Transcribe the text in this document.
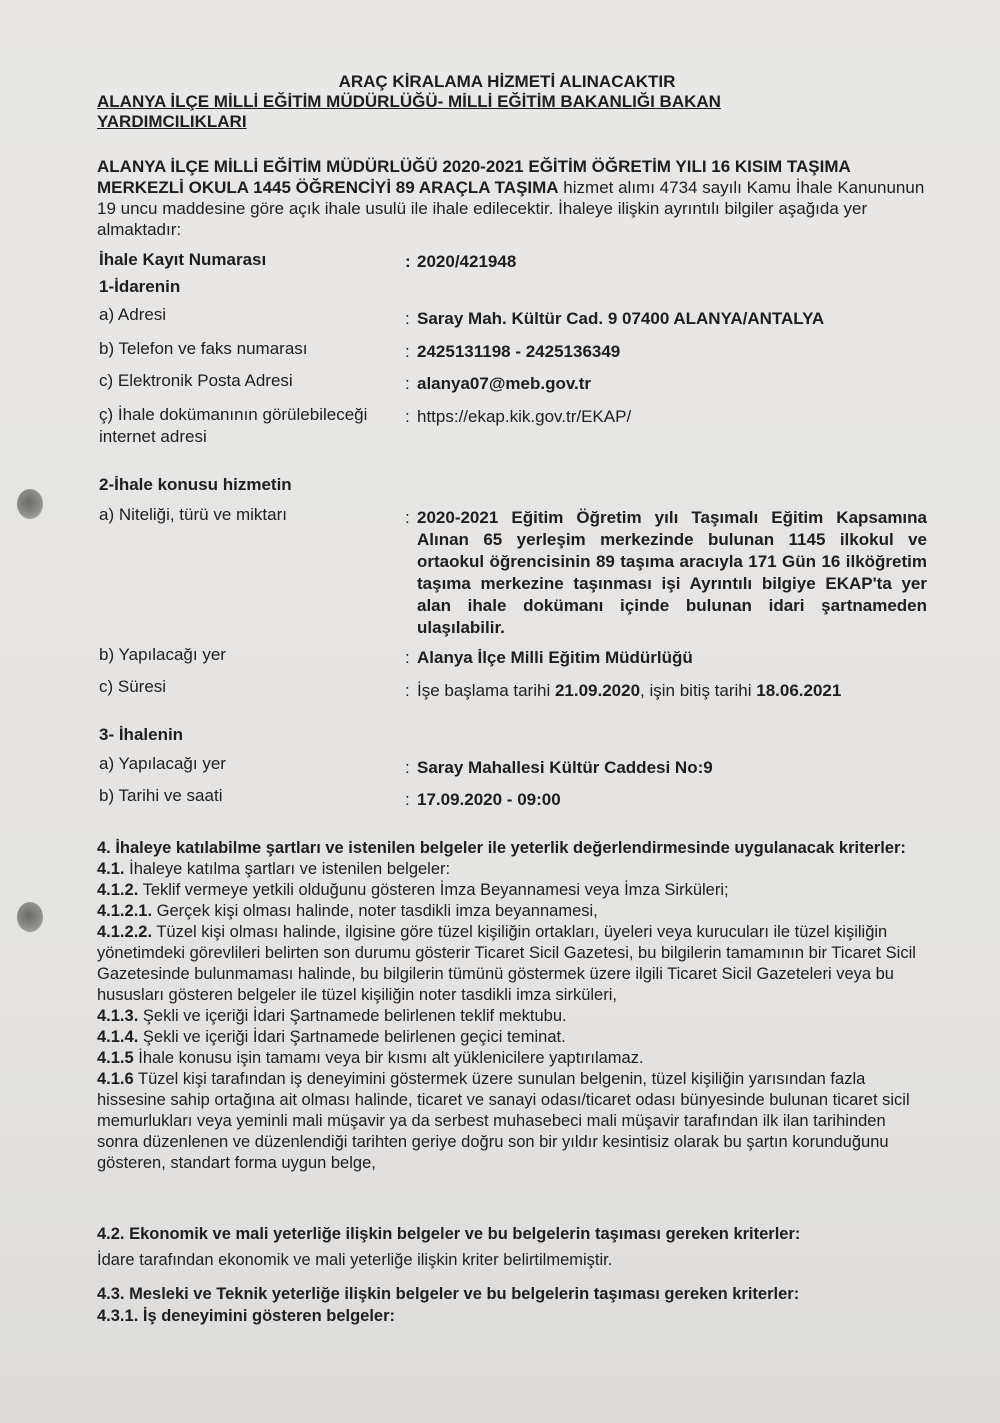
ARAÇ KİRALAMA HİZMETİ ALINACAKTIR
ALANYA İLÇE MİLLİ EĞİTİM MÜDÜRLÜĞÜ- MİLLİ EĞİTİM BAKANLIĞI BAKAN
YARDIMCILIKLARI
ALANYA İLÇE MİLLİ EĞİTİM MÜDÜRLÜĞÜ 2020-2021 EĞİTİM ÖĞRETİM YILI 16 KISIM TAŞIMA MERKEZLİ OKULA 1445 ÖĞRENCİYİ 89 ARAÇLA TAŞIMA hizmet alımı 4734 sayılı Kamu İhale Kanununun 19 uncu maddesine göre açık ihale usulü ile ihale edilecektir. İhaleye ilişkin ayrıntılı bilgiler aşağıda yer almaktadır:
İhale Kayıt Numarası	: 2020/421948
1-İdarenin
a) Adresi	: Saray Mah. Kültür Cad. 9 07400 ALANYA/ANTALYA
b) Telefon ve faks numarası	: 2425131198 - 2425136349
c) Elektronik Posta Adresi	: alanya07@meb.gov.tr
ç) İhale dokümanının görülebileceği
internet adresi
: https://ekap.kik.gov.tr/EKAP/
2-İhale konusu hizmetin
a) Niteliği, türü ve miktarı	: 2020-2021 Eğitim Öğretim yılı Taşımalı Eğitim Kapsamına Alınan 65 yerleşim merkezinde bulunan 1145 ilkokul ve ortaokul öğrencisinin 89 taşıma aracıyla 171 Gün 16 ilköğretim taşıma merkezine taşınması işi Ayrıntılı bilgiye EKAP'ta yer alan ihale dokümanı içinde bulunan idari şartnameden ulaşılabilir.
b) Yapılacağı yer	: Alanya İlçe Milli Eğitim Müdürlüğü
c) Süresi	: İşe başlama tarihi 21.09.2020, işin bitiş tarihi 18.06.2021
3- İhalenin
a) Yapılacağı yer	: Saray Mahallesi Kültür Caddesi No:9
b) Tarihi ve saati	: 17.09.2020 - 09:00

4. İhaleye katılabilme şartları ve istenilen belgeler ile yeterlik değerlendirmesinde uygulanacak kriterler:

4.1. İhaleye katılma şartları ve istenilen belgeler:

4.1.2. Teklif vermeye yetkili olduğunu gösteren İmza Beyannamesi veya İmza Sirküleri;

4.1.2.1. Gerçek kişi olması halinde, noter tasdikli imza beyannamesi,

4.1.2.2. Tüzel kişi olması halinde, ilgisine göre tüzel kişiliğin ortakları, üyeleri veya kurucuları ile tüzel kişiliğin yönetimdeki görevlileri belirten son durumu gösterir Ticaret Sicil Gazetesi, bu bilgilerin tamamının bir Ticaret Sicil Gazetesinde bulunmaması halinde, bu bilgilerin tümünü göstermek üzere ilgili Ticaret Sicil Gazeteleri veya bu hususları gösteren belgeler ile tüzel kişiliğin noter tasdikli imza sirküleri,

4.1.3. Şekli ve içeriği İdari Şartnamede belirlenen teklif mektubu.

4.1.4. Şekli ve içeriği İdari Şartnamede belirlenen geçici teminat.

4.1.5 İhale konusu işin tamamı veya bir kısmı alt yüklenicilere yaptırılamaz.

4.1.6 Tüzel kişi tarafından iş deneyimini göstermek üzere sunulan belgenin, tüzel kişiliğin yarısından fazla hissesine sahip ortağına ait olması halinde, ticaret ve sanayi odası/ticaret odası bünyesinde bulunan ticaret sicil memurlukları veya yeminli mali müşavir ya da serbest muhasebeci mali müşavir tarafından ilk ilan tarihinden sonra düzenlenen ve düzenlendiği tarihten geriye doğru son bir yıldır kesintisiz olarak bu şartın korunduğunu gösteren, standart forma uygun belge,

4.2. Ekonomik ve mali yeterliğe ilişkin belgeler ve bu belgelerin taşıması gereken kriterler:
İdare tarafından ekonomik ve mali yeterliğe ilişkin kriter belirtilmemiştir.
4.3. Mesleki ve Teknik yeterliğe ilişkin belgeler ve bu belgelerin taşıması gereken kriterler:
4.3.1. İş deneyimini gösteren belgeler:
